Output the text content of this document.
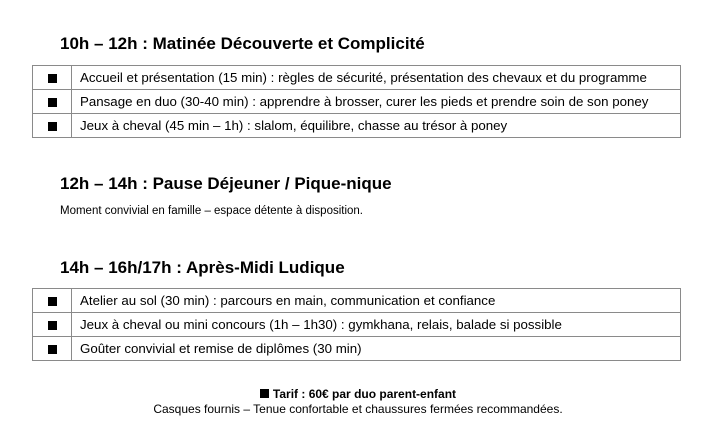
10h – 12h : Matinée Découverte et Complicité
	Accueil et présentation (15 min) : règles de sécurité, présentation des chevaux et du programme
	Pansage en duo (30-40 min) : apprendre à brosser, curer les pieds et prendre soin de son poney
	Jeux à cheval (45 min – 1h) : slalom, équilibre, chasse au trésor à poney
12h – 14h : Pause Déjeuner / Pique-nique

Moment convivial en famille – espace détente à disposition.

14h – 16h/17h : Après-Midi Ludique
	Atelier au sol (30 min) : parcours en main, communication et confiance
	Jeux à cheval ou mini concours (1h – 1h30) : gymkhana, relais, balade si possible
	Goûter convivial et remise de diplômes (30 min)
Tarif : 60€ par duo parent-enfant
Casques fournis – Tenue confortable et chaussures fermées recommandées.
